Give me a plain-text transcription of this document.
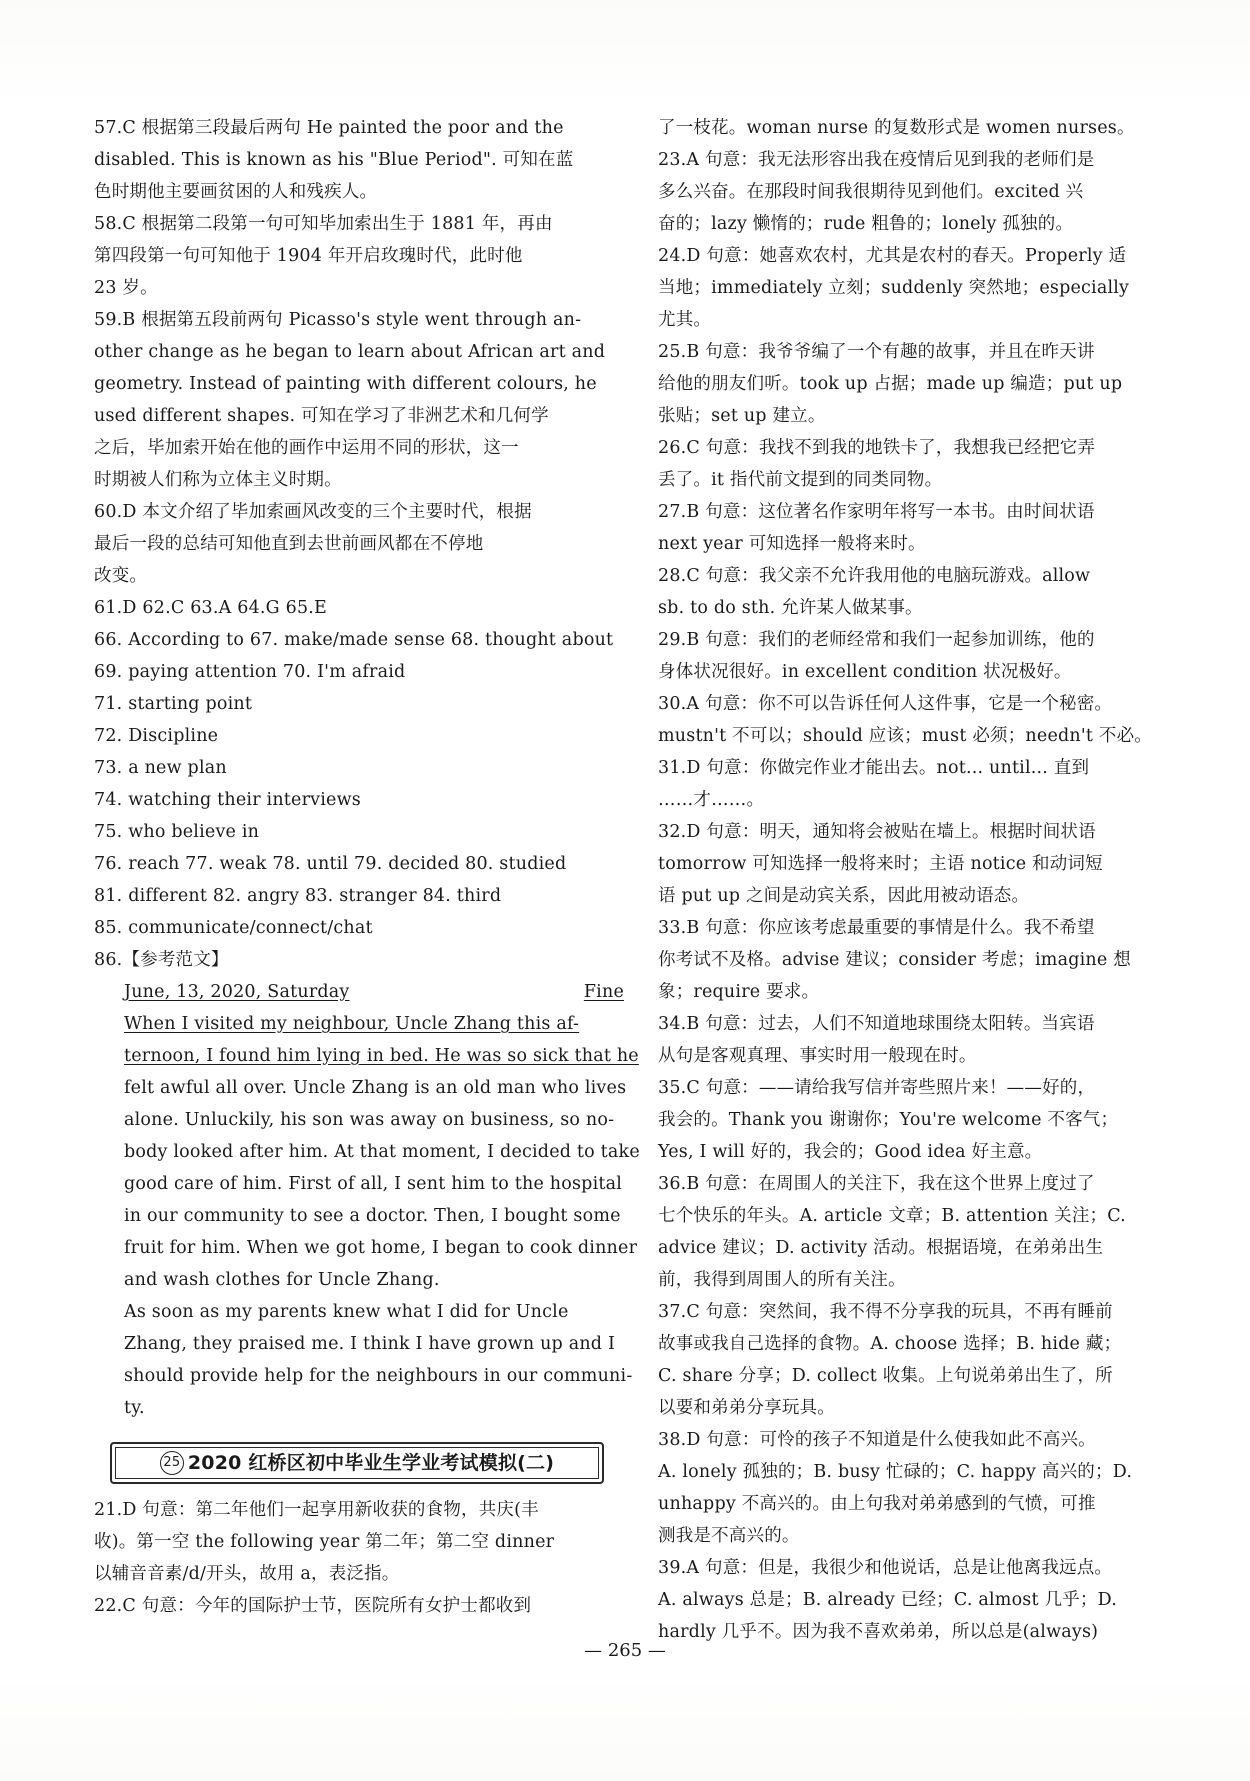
57.C 根据第三段最后两句 He painted the poor and the
disabled. This is known as his "Blue Period". 可知在蓝
色时期他主要画贫困的人和残疾人。
58.C 根据第二段第一句可知毕加索出生于 1881 年，再由
第四段第一句可知他于 1904 年开启玫瑰时代，此时他
23 岁。
59.B 根据第五段前两句 Picasso's style went through an-
other change as he began to learn about African art and
geometry. Instead of painting with different colours, he
used different shapes. 可知在学习了非洲艺术和几何学
之后，毕加索开始在他的画作中运用不同的形状，这一
时期被人们称为立体主义时期。
60.D 本文介绍了毕加索画风改变的三个主要时代，根据
最后一段的总结可知他直到去世前画风都在不停地
改变。
61.D 62.C 63.A 64.G 65.E
66. According to 67. make/made sense 68. thought about
69. paying attention 70. I'm afraid
71. starting point
72. Discipline
73. a new plan
74. watching their interviews
75. who believe in
76. reach 77. weak 78. until 79. decided 80. studied
81. different 82. angry 83. stranger 84. third
85. communicate/connect/chat
86.【参考范文】
June, 13, 2020, Saturday	Fine
When I visited my neighbour, Uncle Zhang this af-
ternoon, I found him lying in bed. He was so sick that he
felt awful all over. Uncle Zhang is an old man who lives
alone. Unluckily, his son was away on business, so no-
body looked after him. At that moment, I decided to take
good care of him. First of all, I sent him to the hospital
in our community to see a doctor. Then, I bought some
fruit for him. When we got home, I began to cook dinner
and wash clothes for Uncle Zhang.
As soon as my parents knew what I did for Uncle
Zhang, they praised me. I think I have grown up and I
should provide help for the neighbours in our communi-
ty.
25 2020 红桥区初中毕业生学业考试模拟(二)
21.D 句意：第二年他们一起享用新收获的食物，共庆(丰
收)。第一空 the following year 第二年；第二空 dinner
以辅音音素/d/开头，故用 a，表泛指。
22.C 句意：今年的国际护士节，医院所有女护士都收到
了一枝花。woman nurse 的复数形式是 women nurses。
23.A 句意：我无法形容出我在疫情后见到我的老师们是
多么兴奋。在那段时间我很期待见到他们。excited 兴
奋的；lazy 懒惰的；rude 粗鲁的；lonely 孤独的。
24.D 句意：她喜欢农村，尤其是农村的春天。Properly 适
当地；immediately 立刻；suddenly 突然地；especially
尤其。
25.B 句意：我爷爷编了一个有趣的故事，并且在昨天讲
给他的朋友们听。took up 占据；made up 编造；put up
张贴；set up 建立。
26.C 句意：我找不到我的地铁卡了，我想我已经把它弄
丢了。it 指代前文提到的同类同物。
27.B 句意：这位著名作家明年将写一本书。由时间状语
next year 可知选择一般将来时。
28.C 句意：我父亲不允许我用他的电脑玩游戏。allow
sb. to do sth. 允许某人做某事。
29.B 句意：我们的老师经常和我们一起参加训练，他的
身体状况很好。in excellent condition 状况极好。
30.A 句意：你不可以告诉任何人这件事，它是一个秘密。
mustn't 不可以；should 应该；must 必须；needn't 不必。
31.D 句意：你做完作业才能出去。not... until... 直到
……才……。
32.D 句意：明天，通知将会被贴在墙上。根据时间状语
tomorrow 可知选择一般将来时；主语 notice 和动词短
语 put up 之间是动宾关系，因此用被动语态。
33.B 句意：你应该考虑最重要的事情是什么。我不希望
你考试不及格。advise 建议；consider 考虑；imagine 想
象；require 要求。
34.B 句意：过去，人们不知道地球围绕太阳转。当宾语
从句是客观真理、事实时用一般现在时。
35.C 句意：——请给我写信并寄些照片来！——好的，
我会的。Thank you 谢谢你；You're welcome 不客气；
Yes, I will 好的，我会的；Good idea 好主意。
36.B 句意：在周围人的关注下，我在这个世界上度过了
七个快乐的年头。A. article 文章；B. attention 关注；C.
advice 建议；D. activity 活动。根据语境，在弟弟出生
前，我得到周围人的所有关注。
37.C 句意：突然间，我不得不分享我的玩具，不再有睡前
故事或我自己选择的食物。A. choose 选择；B. hide 藏；
C. share 分享；D. collect 收集。上句说弟弟出生了，所
以要和弟弟分享玩具。
38.D 句意：可怜的孩子不知道是什么使我如此不高兴。
A. lonely 孤独的；B. busy 忙碌的；C. happy 高兴的；D.
unhappy 不高兴的。由上句我对弟弟感到的气愤，可推
测我是不高兴的。
39.A 句意：但是，我很少和他说话，总是让他离我远点。
A. always 总是；B. already 已经；C. almost 几乎；D.
hardly 几乎不。因为我不喜欢弟弟，所以总是(always)
— 265 —
